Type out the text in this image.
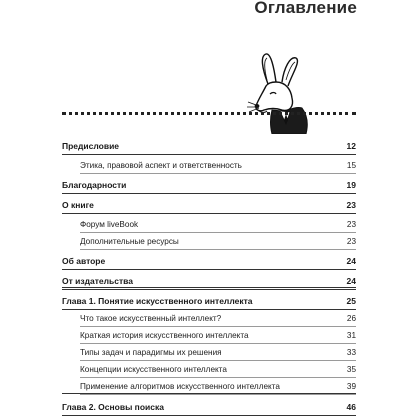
Оглавление
Предисловие	12
Этика, правовой аспект и ответственность	15
Благодарности	19
О книге	23
Форум liveBook	23
Дополнительные ресурсы	23
Об авторе	24
От издательства	24
Глава 1. Понятие искусственного интеллекта	25
Что такое искусственный интеллект?	26
Краткая история искусственного интеллекта	31
Типы задач и парадигмы их решения	33
Концепции искусственного интеллекта	35
Применение алгоритмов искусственного интеллекта	39
Глава 2. Основы поиска	46
